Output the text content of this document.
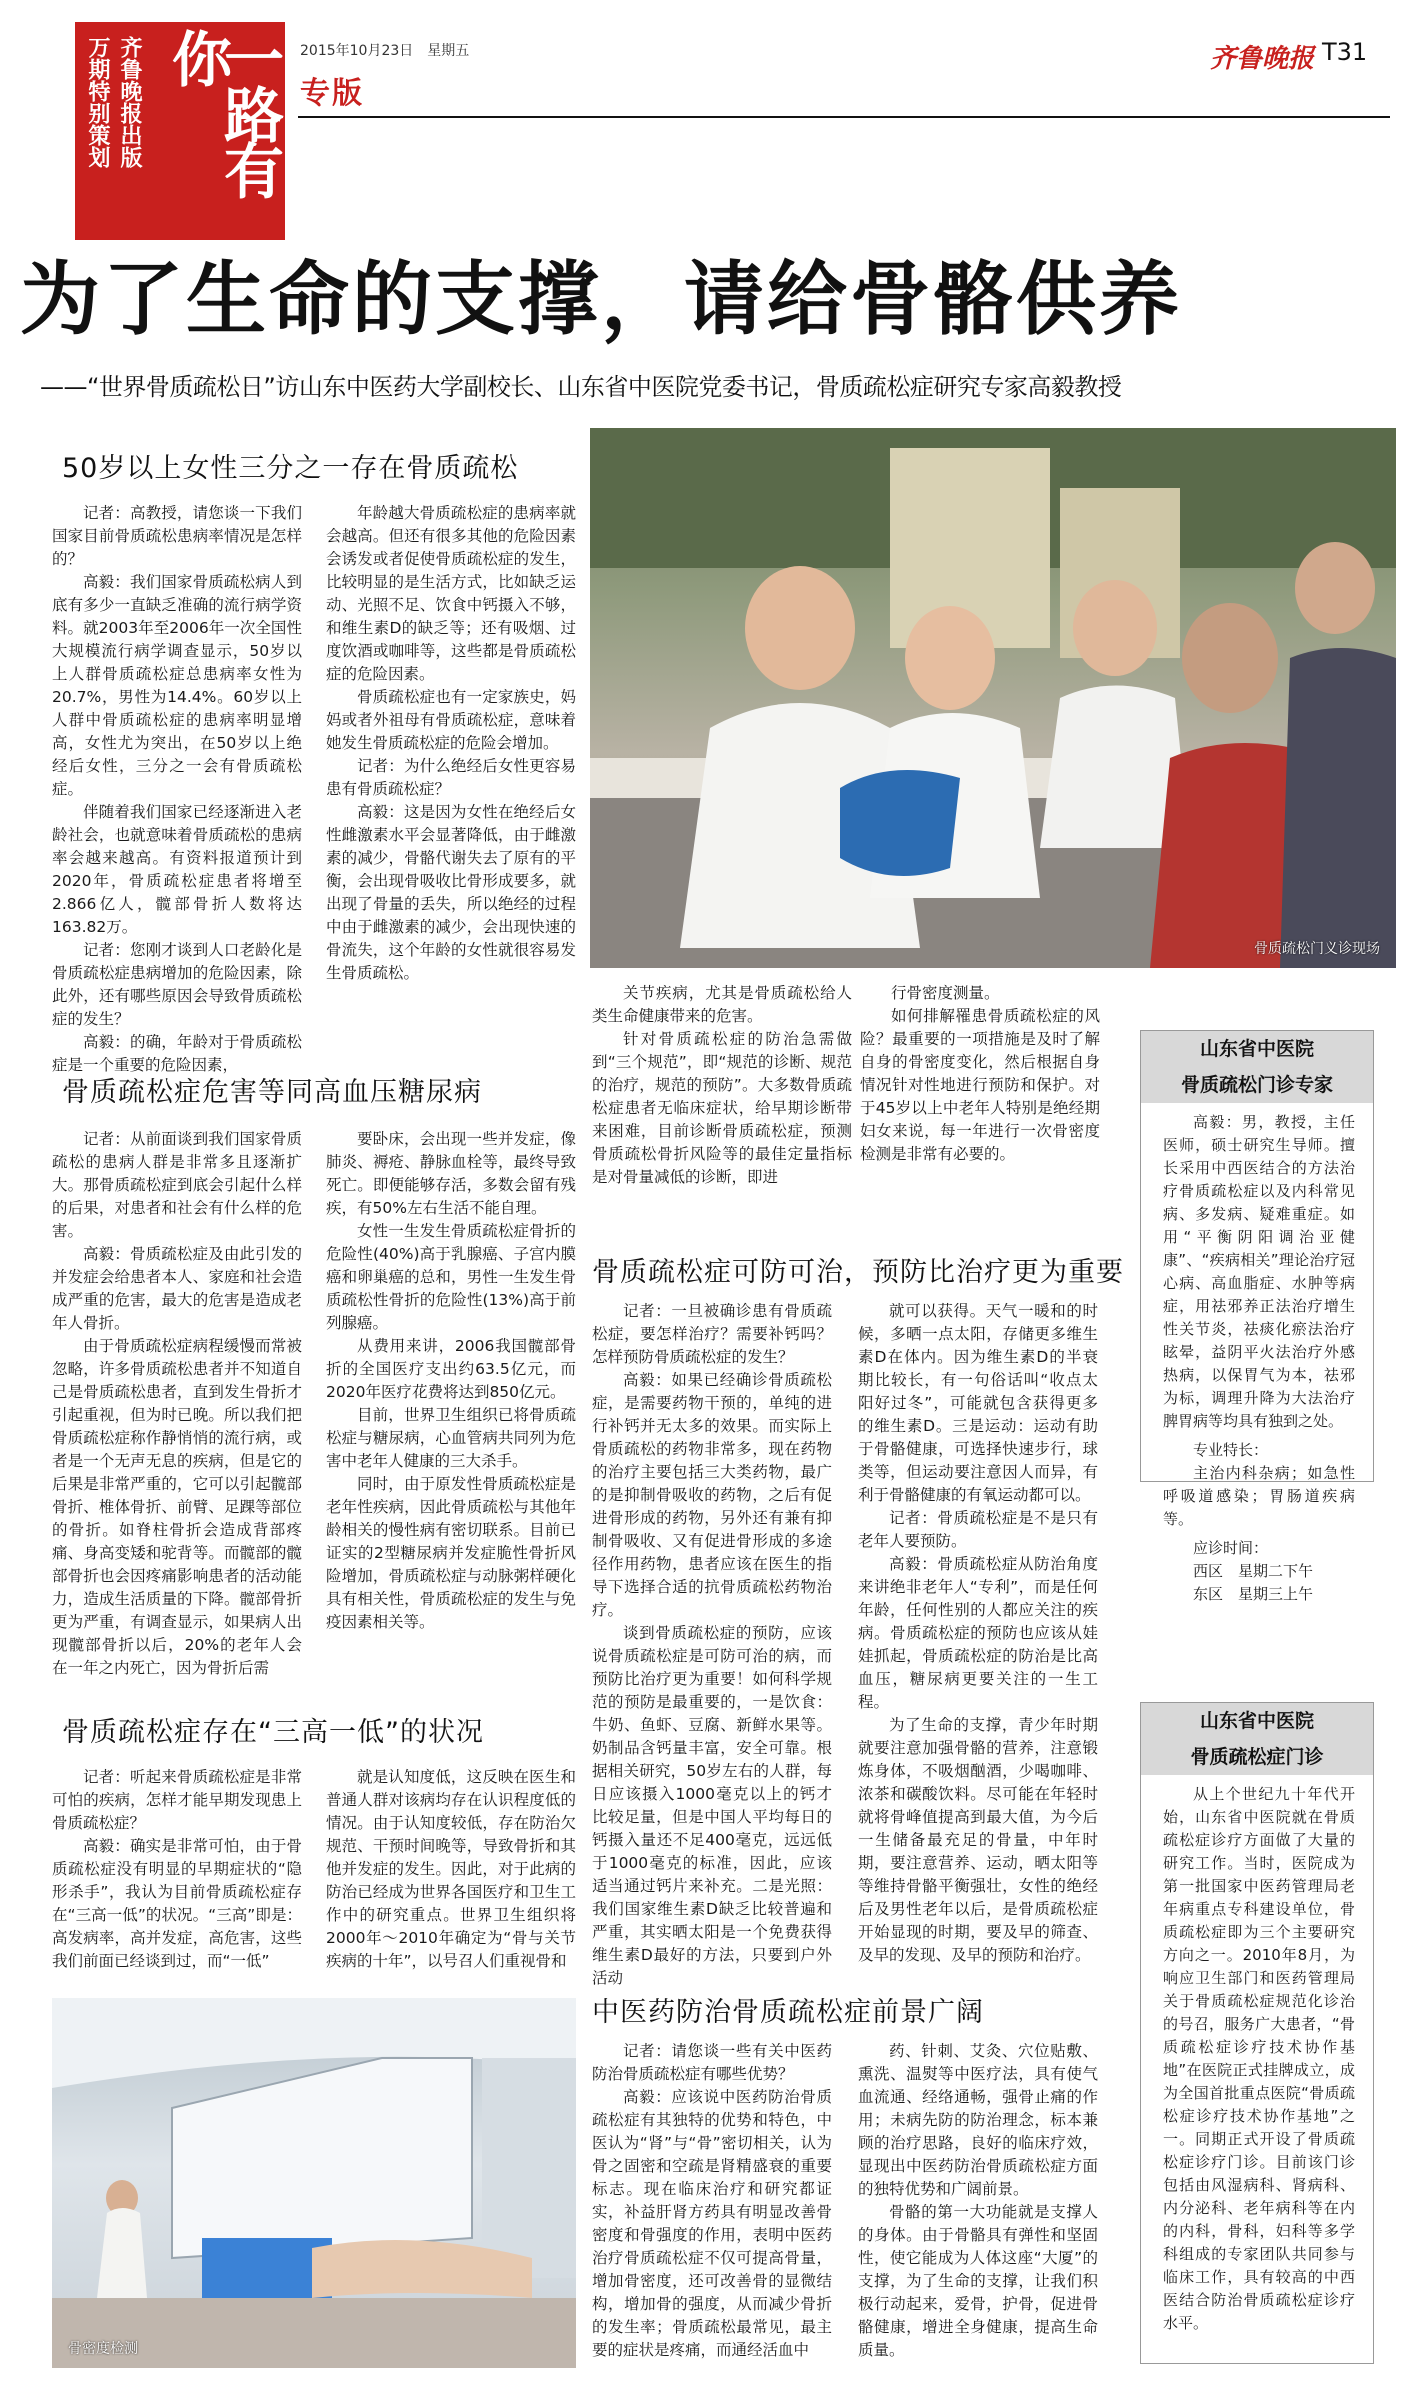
一路有你
齐鲁晚报出版
万期特别策划	2015年10月23日　星期五
专版
齐鲁晚报 T31
为了生命的支撑，请给骨骼供养
——“世界骨质疏松日”访山东中医药大学副校长、山东省中医院党委书记，骨质疏松症研究专家高毅教授
50岁以上女性三分之一存在骨质疏松

记者：高教授，请您谈一下我们国家目前骨质疏松患病率情况是怎样的？

高毅：我们国家骨质疏松病人到底有多少一直缺乏准确的流行病学资料。就2003年至2006年一次全国性大规模流行病学调查显示，50岁以上人群骨质疏松症总患病率女性为20.7%，男性为14.4%。60岁以上人群中骨质疏松症的患病率明显增高，女性尤为突出，在50岁以上绝经后女性，三分之一会有骨质疏松症。

伴随着我们国家已经逐渐进入老龄社会，也就意味着骨质疏松的患病率会越来越高。有资料报道预计到2020年，骨质疏松症患者将增至2.866亿人，髋部骨折人数将达163.82万。

记者：您刚才谈到人口老龄化是骨质疏松症患病增加的危险因素，除此外，还有哪些原因会导致骨质疏松症的发生？

高毅：的确，年龄对于骨质疏松症是一个重要的危险因素，

年龄越大骨质疏松症的患病率就会越高。但还有很多其他的危险因素会诱发或者促使骨质疏松症的发生，比较明显的是生活方式，比如缺乏运动、光照不足、饮食中钙摄入不够，和维生素D的缺乏等；还有吸烟、过度饮酒或咖啡等，这些都是骨质疏松症的危险因素。

骨质疏松症也有一定家族史，妈妈或者外祖母有骨质疏松症，意味着她发生骨质疏松症的危险会增加。

记者：为什么绝经后女性更容易患有骨质疏松症？

高毅：这是因为女性在绝经后女性雌激素水平会显著降低，由于雌激素的减少，骨骼代谢失去了原有的平衡，会出现骨吸收比骨形成要多，就出现了骨量的丢失，所以绝经的过程中由于雌激素的减少，会出现快速的骨流失，这个年龄的女性就很容易发生骨质疏松。

骨质疏松门义诊现场

关节疾病，尤其是骨质疏松给人类生命健康带来的危害。

针对骨质疏松症的防治急需做到“三个规范”，即“规范的诊断、规范的治疗，规范的预防”。大多数骨质疏松症患者无临床症状，给早期诊断带来困难，目前诊断骨质疏松症，预测骨质疏松骨折风险等的最佳定量指标是对骨量减低的诊断，即进

行骨密度测量。

如何排解罹患骨质疏松症的风险？最重要的一项措施是及时了解自身的骨密度变化，然后根据自身情况针对性地进行预防和保护。对于45岁以上中老年人特别是绝经期妇女来说，每一年进行一次骨密度检测是非常有必要的。

骨质疏松症危害等同高血压糖尿病

记者：从前面谈到我们国家骨质疏松的患病人群是非常多且逐渐扩大。那骨质疏松症到底会引起什么样的后果，对患者和社会有什么样的危害。

高毅：骨质疏松症及由此引发的并发症会给患者本人、家庭和社会造成严重的危害，最大的危害是造成老年人骨折。

由于骨质疏松症病程缓慢而常被忽略，许多骨质疏松患者并不知道自己是骨质疏松患者，直到发生骨折才引起重视，但为时已晚。所以我们把骨质疏松症称作静悄悄的流行病，或者是一个无声无息的疾病，但是它的后果是非常严重的，它可以引起髋部骨折、椎体骨折、前臂、足踝等部位的骨折。如脊柱骨折会造成背部疼痛、身高变矮和驼背等。而髋部的髋部骨折也会因疼痛影响患者的活动能力，造成生活质量的下降。髋部骨折更为严重，有调查显示，如果病人出现髋部骨折以后，20%的老年人会在一年之内死亡，因为骨折后需

要卧床，会出现一些并发症，像肺炎、褥疮、静脉血栓等，最终导致死亡。即便能够存活，多数会留有残疾，有50%左右生活不能自理。

女性一生发生骨质疏松症骨折的危险性(40%)高于乳腺癌、子宫内膜癌和卵巢癌的总和，男性一生发生骨质疏松性骨折的危险性(13%)高于前列腺癌。

从费用来讲，2006我国髋部骨折的全国医疗支出约63.5亿元，而2020年医疗花费将达到850亿元。

目前，世界卫生组织已将骨质疏松症与糖尿病，心血管病共同列为危害中老年人健康的三大杀手。

同时，由于原发性骨质疏松症是老年性疾病，因此骨质疏松与其他年龄相关的慢性病有密切联系。目前已证实的2型糖尿病并发症脆性骨折风险增加，骨质疏松症与动脉粥样硬化具有相关性，骨质疏松症的发生与免疫因素相关等。

骨质疏松症可防可治，预防比治疗更为重要

记者：一旦被确诊患有骨质疏松症，要怎样治疗？需要补钙吗？怎样预防骨质疏松症的发生？

高毅：如果已经确诊骨质疏松症，是需要药物干预的，单纯的进行补钙并无太多的效果。而实际上骨质疏松的药物非常多，现在药物的治疗主要包括三大类药物，最广的是抑制骨吸收的药物，之后有促进骨形成的药物，另外还有兼有抑制骨吸收、又有促进骨形成的多途径作用药物，患者应该在医生的指导下选择合适的抗骨质疏松药物治疗。

谈到骨质疏松症的预防，应该说骨质疏松症是可防可治的病，而预防比治疗更为重要！如何科学规范的预防是最重要的，一是饮食：牛奶、鱼虾、豆腐、新鲜水果等。奶制品含钙量丰富，安全可靠。根据相关研究，50岁左右的人群，每日应该摄入1000毫克以上的钙才比较足量，但是中国人平均每日的钙摄入量还不足400毫克，远远低于1000毫克的标准，因此，应该适当通过钙片来补充。二是光照：我们国家维生素D缺乏比较普遍和严重，其实晒太阳是一个免费获得维生素D最好的方法，只要到户外活动

就可以获得。天气一暖和的时候，多晒一点太阳，存储更多维生素D在体内。因为维生素D的半衰期比较长，有一句俗话叫“收点太阳好过冬”，可能就包含获得更多的维生素D。三是运动：运动有助于骨骼健康，可选择快速步行，球类等，但运动要注意因人而异，有利于骨骼健康的有氧运动都可以。

记者：骨质疏松症是不是只有老年人要预防。

高毅：骨质疏松症从防治角度来讲绝非老年人“专利”，而是任何年龄，任何性别的人都应关注的疾病。骨质疏松症的预防也应该从娃娃抓起，骨质疏松症的防治是比高血压，糖尿病更要关注的一生工程。

为了生命的支撑，青少年时期就要注意加强骨骼的营养，注意锻炼身体，不吸烟酗酒，少喝咖啡、浓茶和碳酸饮料。尽可能在年轻时就将骨峰值提高到最大值，为今后一生储备最充足的骨量，中年时期，要注意营养、运动，晒太阳等等维持骨骼平衡强壮，女性的绝经后及男性老年以后，是骨质疏松症开始显现的时期，要及早的筛查、及早的发现、及早的预防和治疗。

骨质疏松症存在“三高一低”的状况

记者：听起来骨质疏松症是非常可怕的疾病，怎样才能早期发现患上骨质疏松症？

高毅：确实是非常可怕，由于骨质疏松症没有明显的早期症状的“隐形杀手”，我认为目前骨质疏松症存在“三高一低”的状况。“三高”即是：高发病率，高并发症，高危害，这些我们前面已经谈到过，而“一低”

就是认知度低，这反映在医生和普通人群对该病均存在认识程度低的情况。由于认知度较低，存在防治欠规范、干预时间晚等，导致骨折和其他并发症的发生。因此，对于此病的防治已经成为世界各国医疗和卫生工作中的研究重点。世界卫生组织将2000年～2010年确定为“骨与关节疾病的十年”，以号召人们重视骨和

骨密度检测
中医药防治骨质疏松症前景广阔

记者：请您谈一些有关中医药防治骨质疏松症有哪些优势？

高毅：应该说中医药防治骨质疏松症有其独特的优势和特色，中医认为“肾”与“骨”密切相关，认为骨之固密和空疏是肾精盛衰的重要标志。现在临床治疗和研究都证实，补益肝肾方药具有明显改善骨密度和骨强度的作用，表明中医药治疗骨质疏松症不仅可提高骨量，增加骨密度，还可改善骨的显微结构，增加骨的强度，从而减少骨折的发生率；骨质疏松最常见，最主要的症状是疼痛，而通经活血中

药、针刺、艾灸、穴位贴敷、熏洗、温熨等中医疗法，具有使气血流通、经络通畅，强骨止痛的作用；未病先防的防治理念，标本兼顾的治疗思路，良好的临床疗效，显现出中医药防治骨质疏松症方面的独特优势和广阔前景。

骨骼的第一大功能就是支撑人的身体。由于骨骼具有弹性和坚固性，使它能成为人体这座“大厦”的支撑，为了生命的支撑，让我们积极行动起来，爱骨，护骨，促进骨骼健康，增进全身健康，提高生命质量。

山东省中医院
骨质疏松门诊专家

高毅：男，教授，主任医师，硕士研究生导师。擅长采用中西医结合的方法治疗骨质疏松症以及内科常见病、多发病、疑难重症。如用“平衡阴阳调治亚健康”、“疾病相关”理论治疗冠心病、高血脂症、水肿等病症，用祛邪养正法治疗增生性关节炎，祛痰化瘀法治疗眩晕，益阴平火法治疗外感热病，以保胃气为本，祛邪为标，调理升降为大法治疗脾胃病等均具有独到之处。

专业特长：

主治内科杂病；如急性呼吸道感染；胃肠道疾病等。

应诊时间：

西区　星期二下午

东区　星期三上午

山东省中医院
骨质疏松症门诊

从上个世纪九十年代开始，山东省中医院就在骨质疏松症诊疗方面做了大量的研究工作。当时，医院成为第一批国家中医药管理局老年病重点专科建设单位，骨质疏松症即为三个主要研究方向之一。2010年8月，为响应卫生部门和医药管理局关于骨质疏松症规范化诊治的号召，服务广大患者，“骨质疏松症诊疗技术协作基地”在医院正式挂牌成立，成为全国首批重点医院“骨质疏松症诊疗技术协作基地”之一。同期正式开设了骨质疏松症诊疗门诊。目前该门诊包括由风湿病科、肾病科、内分泌科、老年病科等在内的内科，骨科，妇科等多学科组成的专家团队共同参与临床工作，具有较高的中西医结合防治骨质疏松症诊疗水平。
